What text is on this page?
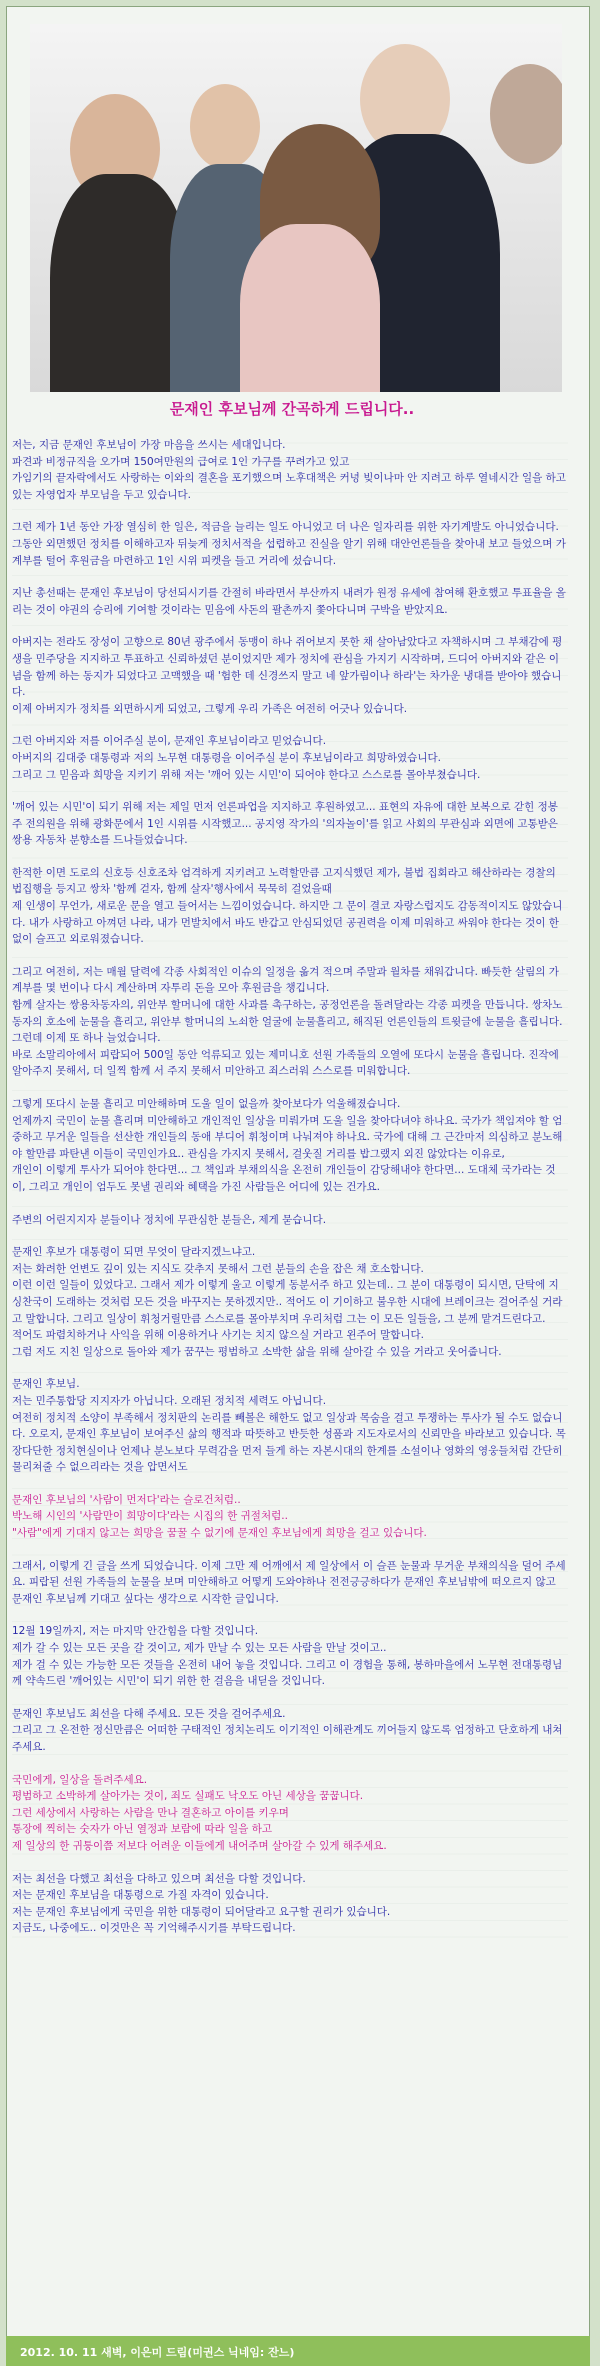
문재인 후보님께 간곡하게 드립니다..

저는, 지금 문재인 후보님이 가장 마음을 쓰시는 세대입니다.
파견과 비정규직을 오가며 150여만원의 급여로 1인 가구를 꾸려가고 있고
가임기의 끝자락에서도 사랑하는 이와의 결혼을 포기했으며 노후대책은 커녕 빚이나마 안 지려고 하루 열네시간 일을 하고 있는 자영업자 부모님을 두고 있습니다.

그런 제가 1년 동안 가장 열심히 한 일은, 적금을 늘리는 일도 아니었고 더 나은 일자리를 위한 자기계발도 아니었습니다. 그동안 외면했던 정치를 이해하고자 뒤늦게 정치서적을 섭렵하고 진실을 알기 위해 대안언론들을 찾아내 보고 들었으며 가계부를 털어 후원금을 마련하고 1인 시위 피켓을 들고 거리에 섰습니다.

지난 총선때는 문재인 후보님이 당선되시기를 간절히 바라면서 부산까지 내려가 원정 유세에 참여해 환호했고 투표율을 올리는 것이 야권의 승리에 기여할 것이라는 믿음에 사돈의 팔촌까지 쫓아다니며 구박을 받았지요.

아버지는 전라도 장성이 고향으로 80년 광주에서 동맹이 하나 쥐어보지 못한 채 살아남았다고 자책하시며 그 부채감에 평생을 민주당을 지지하고 투표하고 신뢰하셨던 분이었지만 제가 정치에 관심을 가지기 시작하며, 드디어 아버지와 같은 이념을 함께 하는 동지가 되었다고 고맥했을 때 '험한 데 신경쓰지 말고 네 앞가림이나 하라'는 차가운 냉대를 받아야 했습니다.
이제 아버지가 정치를 외면하시게 되었고, 그렇게 우리 가족은 여전히 어긋나 있습니다.

그런 아버지와 저를 이어주실 분이, 문재인 후보님이라고 믿었습니다.
아버지의 김대중 대통령과 저의 노무현 대통령을 이어주실 분이 후보님이라고 희망하였습니다.
그리고 그 믿음과 희망을 지키기 위해 저는 '깨어 있는 시민'이 되어야 한다고 스스로를 몰아부쳤습니다.

'깨어 있는 시민'이 되기 위해 저는 제일 먼저 언론파업을 지지하고 후원하였고... 표현의 자유에 대한 보복으로 갇힌 정봉주 전의원을 위해 광화문에서 1인 시위를 시작했고... 공지영 작가의 '의자놀이'를 읽고 사회의 무관심과 외면에 고통받은 쌍용 자동차 분향소를 드나들었습니다.

한적한 이면 도로의 신호등 신호조차 엄격하게 지키려고 노력할만큼 고지식했던 제가, 불법 집회라고 해산하라는 경찰의 법집행을 등지고 쌍차 '함께 걷자, 함께 살자'행사에서 묵묵히 걸었을때
제 인생이 무언가, 새로운 문을 열고 들어서는 느낌이었습니다. 하지만 그 문이 결코 자랑스럽지도 감동적이지도 않았습니다. 내가 사랑하고 아껴던 나라, 내가 먼발치에서 바도 반갑고 안심되었던 공권력을 이제 미워하고 싸워야 한다는 것이 한없이 슬프고 외로워졌습니다.

그리고 여전히, 저는 매월 달력에 각종 사회적인 이슈의 일정을 옮겨 적으며 주말과 월차를 채워갑니다. 빠듯한 살림의 가계부를 몇 번이나 다시 계산하며 자투리 돈을 모아 후원금을 챙깁니다.
함께 살자는 쌍용차동자의, 위안부 할머니에 대한 사과를 촉구하는, 공정언론을 돌려달라는 각종 피켓을 만듭니다. 쌍차노동자의 호소에 눈물을 흘리고, 위안부 할머니의 노쇠한 얼굴에 눈물흘리고, 해직된 언론인들의 트윗글에 눈물을 흘립니다. 그런데 이제 또 하나 늘었습니다.
바로 소말리아에서 피랍되어 500일 동안 억류되고 있는 제미니호 선원 가족들의 오열에 또다시 눈물을 흘립니다. 진작에 알아주지 못해서, 더 일찍 함께 서 주지 못해서 미안하고 죄스러워 스스로를 미워합니다.

그렇게 또다시 눈물 흘리고 미안해하며 도울 일이 없을까 찾아보다가 억울해졌습니다.
언제까지 국민이 눈물 흘리며 미안해하고 개인적인 일상을 미뤄가며 도울 일을 찾아다녀야 하나요. 국가가 책임져야 할 엄중하고 무거운 일들을 선산한 개인들의 동애 부디어 휘청이며 나눠져야 하나요. 국가에 대해 그 근간마저 의심하고 분노해야 할만큼 파탄낸 이들이 국민인가요.. 관심을 가지지 못해서, 걸웃질 거리를 밥그랬지 외진 않았다는 이유로,
개인이 이렇게 투사가 되어야 한다면... 그 책임과 부채의식을 온전히 개인들이 감당해내야 한다면... 도대체 국가라는 것이, 그리고 개인이 엄두도 못낼 권리와 혜택을 가진 사람들은 어디에 있는 건가요.

주변의 어린지지자 분들이나 정치에 무관심한 분들은, 제게 묻습니다.

문재인 후보가 대통령이 되면 무엇이 달라지겠느냐고.
저는 화려한 언변도 깊이 있는 지식도 갖추지 못해서 그런 분들의 손을 잡은 채 호소합니다.
이런 이런 일들이 있었다고. 그래서 제가 이렇게 울고 이렇게 동분서주 하고 있는데.. 그 분이 대통령이 되시면, 단탁에 지싱찬국이 도래하는 것처럼 모든 것을 바꾸지는 못하겠지만.. 적어도 이 기이하고 불우한 시대에 브레이크는 걸어주실 거라고 말합니다. 그리고 일상이 휘청거릴만큼 스스로를 몰아부치며 우리처럼 그는 이 모든 일들을, 그 분께 맡겨드린다고.
적어도 파렴치하거나 사익을 위해 이용하거나 사기는 치지 않으실 거라고 왼주어 말합니다.
그럼 저도 지친 일상으로 돌아와 제가 꿈꾸는 평범하고 소박한 삶을 위해 살아갈 수 있을 거라고 웃어줍니다.

문재인 후보님.
저는 민주통합당 지지자가 아닙니다. 오래된 정치적 세력도 아닙니다.
여전히 정치적 소양이 부족해서 정치판의 논리를 빼볼은 해한도 없고 일상과 목숨을 걸고 투쟁하는 투사가 될 수도 없습니다. 오로지, 문재인 후보님이 보여주신 삶의 행적과 따뜻하고 반듯한 성품과 지도자로서의 신뢰만을 바라보고 있습니다. 목장다단한 정치현실이나 언제나 분노보다 무력감을 먼저 들게 하는 자본시대의 한계를 소설이나 영화의 영웅들처럼 간단히 물리쳐줄 수 없으리라는 것을 압면서도

문재인 후보님의 '사람이 먼저다'라는 슬로건처럼..
박노해 시인의 '사람만이 희망이다'라는 시집의 한 귀절처럼..
"사람"에게 기대지 않고는 희망을 꿈꿀 수 없기에 문재인 후보님에게 희망을 걸고 있습니다.

그래서, 이렇게 긴 글을 쓰게 되었습니다. 이제 그만 제 어깨에서 제 일상에서 이 슬픈 눈물과 무거운 부채의식을 덜어 주세요. 피랍된 선원 가족들의 눈물을 보며 미안해하고 어떻게 도와야하나 전전긍긍하다가 문재인 후보님밖에 떠오르지 않고 문재인 후보님께 기대고 싶다는 생각으로 시작한 글입니다.

12월 19일까지, 저는 마지막 안간힘을 다할 것입니다.
제가 갈 수 있는 모든 곳을 갈 것이고, 제가 만날 수 있는 모든 사람을 만날 것이고..
제가 걸 수 있는 가능한 모든 것들을 온전히 내어 놓을 것입니다. 그리고 이 경험을 통해, 봉하마을에서 노무현 전대통령님께 약속드린 '깨어있는 시민'이 되기 위한 한 걸음을 내딛을 것입니다.

문재인 후보님도 최선을 다해 주세요. 모든 것을 걸어주세요.
그리고 그 온전한 정신만큼은 어떠한 구태적인 정치논리도 이기적인 이해관계도 끼어들지 않도록 엄정하고 단호하게 내쳐주세요.

국민에게, 일상을 돌려주세요.
평범하고 소박하게 살아가는 것이, 죄도 실패도 낙오도 아닌 세상을 꿈꿉니다.
그런 세상에서 사랑하는 사람을 만나 결혼하고 아이를 키우며
통장에 찍히는 숫자가 아닌 열정과 보람에 따라 일을 하고
제 일상의 한 귀퉁이쯤 저보다 어려운 이들에게 내어주며 살아갈 수 있게 해주세요.

저는 최선을 다했고 최선을 다하고 있으며 최선을 다할 것입니다.
저는 문재인 후보님을 대통령으로 가질 자격이 있습니다.
저는 문재인 후보님에게 국민을 위한 대통령이 되어달라고 요구할 권리가 있습니다.
지금도, 나중에도.. 이것만은 꼭 기억해주시기를 부탁드립니다.

2012. 10. 11 새벽, 이은미 드림(미권스 닉네임: 잔느)
